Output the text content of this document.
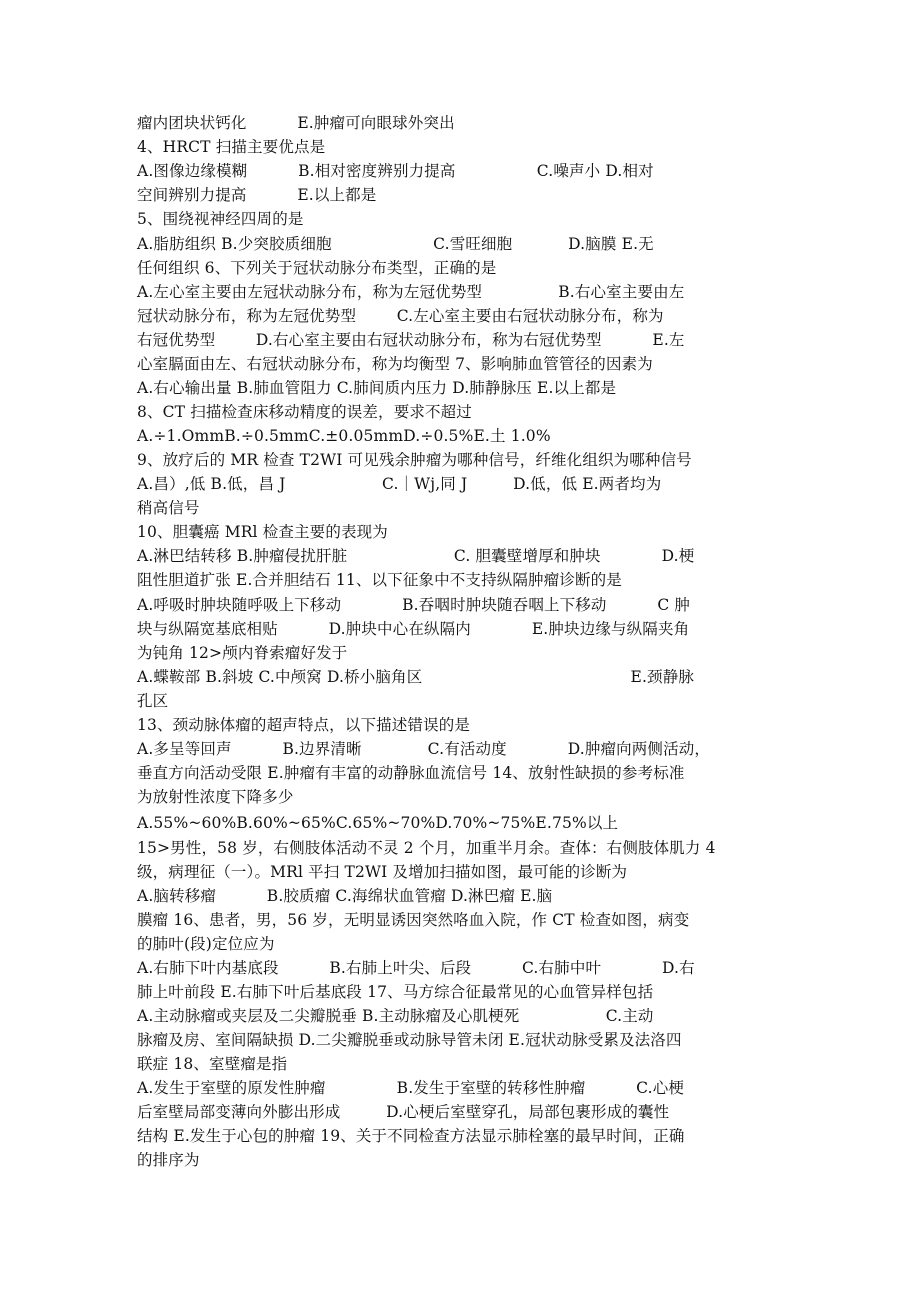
瘤内团块状钙化          E.肿瘤可向眼球外突出
4、HRCT 扫描主要优点是
A.图像边缘模糊          B.相对密度辨别力提高                C.噪声小 D.相对
空间辨别力提高          E.以上都是
5、围绕视神经四周的是
A.脂肪组织 B.少突胶质细胞                    C.雪旺细胞           D.脑膜 E.无
任何组织 6、下列关于冠状动脉分布类型，正确的是
A.左心室主要由左冠状动脉分布，称为左冠优势型               B.右心室主要由左
冠状动脉分布，称为左冠优势型        C.左心室主要由右冠状动脉分布，称为
右冠优势型        D.右心室主要由右冠状动脉分布，称为右冠优势型          E.左
心室膈面由左、右冠状动脉分布，称为均衡型 7、影响肺血管管径的因素为
A.右心输出量 B.肺血管阻力 C.肺间质内压力 D.肺静脉压 E.以上都是
8、CT 扫描检查床移动精度的误差，要求不超过
A.÷1.OmmB.÷0.5mmC.±0.05mmD.÷0.5%E.土 1.0%
9、放疗后的 MR 检查 T2WI 可见残余肿瘤为哪种信号，纤维化组织为哪种信号
A.昌）,低 B.低，昌 J                   C.｜Wj,同 J         D.低，低 E.两者均为
稍高信号
10、胆囊癌 MRl 检查主要的表现为
A.淋巴结转移 B.肿瘤侵扰肝脏                     C. 胆囊壁增厚和肿块            D.梗
阻性胆道扩张 E.合并胆结石 11、以下征象中不支持纵隔肿瘤诊断的是
A.呼吸时肿块随呼吸上下移动            B.吞咽时肿块随吞咽上下移动          C 肿
块与纵隔宽基底相贴          D.肿块中心在纵隔内            E.肿块边缘与纵隔夹角
为钝角 12>颅内脊索瘤好发于
A.蝶鞍部 B.斜坡 C.中颅窝 D.桥小脑角区                                         E.颈静脉
孔区
13、颈动脉体瘤的超声特点，以下描述错误的是
A.多呈等回声          B.边界清晰             C.有活动度            D.肿瘤向两侧活动，
垂直方向活动受限 E.肿瘤有丰富的动静脉血流信号 14、放射性缺损的参考标准
为放射性浓度下降多少
A.55%~60%B.60%~65%C.65%~70%D.70%~75%E.75%以上
15>男性，58 岁，右侧肢体活动不灵 2 个月，加重半月余。查体：右侧肢体肌力 4
级，病理征（一）。MRl 平扫 T2WI 及增加扫描如图，最可能的诊断为
A.脑转移瘤          B.胶质瘤 C.海绵状血管瘤 D.淋巴瘤 E.脑
膜瘤 16、患者，男，56 岁，无明显诱因突然咯血入院，作 CT 检查如图，病变
的肺叶(段)定位应为
A.右肺下叶内基底段          B.右肺上叶尖、后段          C.右肺中叶            D.右
肺上叶前段 E.右肺下叶后基底段 17、马方综合征最常见的心血管异样包括
A.主动脉瘤或夹层及二尖瓣脱垂 B.主动脉瘤及心肌梗死                 C.主动
脉瘤及房、室间隔缺损 D.二尖瓣脱垂或动脉导管未闭 E.冠状动脉受累及法洛四
联症 18、室壁瘤是指
A.发生于室壁的原发性肿瘤              B.发生于室壁的转移性肿瘤          C.心梗
后室壁局部变薄向外膨出形成         D.心梗后室壁穿孔，局部包裹形成的囊性
结构 E.发生于心包的肿瘤 19、关于不同检查方法显示肺栓塞的最早时间，正确
的排序为
